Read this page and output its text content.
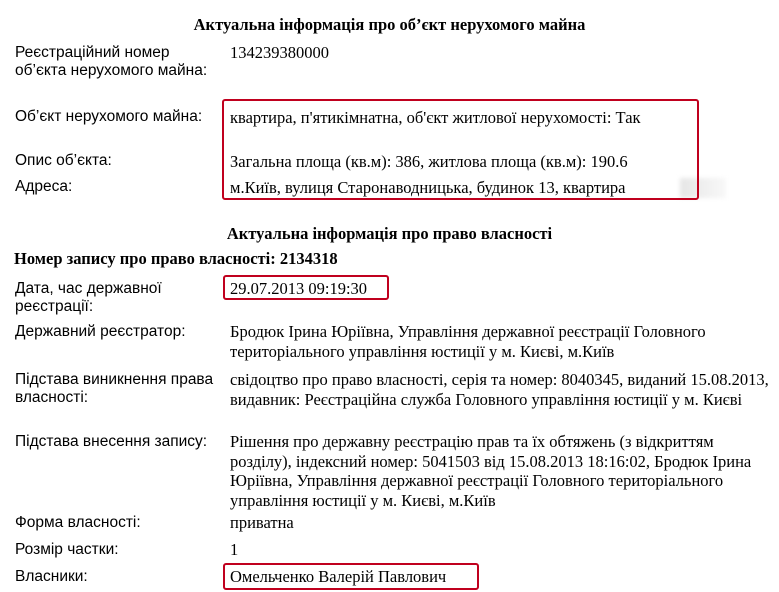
Актуальна інформація про об’єкт нерухомого майна
Реєстраційний номер об’єкта нерухомого майна:
134239380000
Об’єкт нерухомого майна:	квартира, п'ятикімнатна, об'єкт житлової нерухомості: Так
Опис об’єкта:	Загальна площа (кв.м): 386, житлова площа (кв.м): 190.6
Адреса:	м.Київ, вулиця Старонаводницька, будинок 13, квартира
Актуальна інформація про право власності
Номер запису про право власності: 2134318
Дата, час державної реєстрації:
29.07.2013 09:19:30
Державний реєстратор:	Бродюк Ірина Юріївна, Управління державної реєстрації Головного територіального управління юстиції у м. Києві, м.Київ
Підстава виникнення права власності:
свідоцтво про право власності, серія та номер: 8040345, виданий 15.08.2013, видавник: Реєстраційна служба Головного управління юстиції у м. Києві
Підстава внесення запису:	Рішення про державну реєстрацію прав та їх обтяжень (з відкриттям розділу), індексний номер: 5041503 від 15.08.2013 18:16:02, Бродюк Ірина Юріївна, Управління державної реєстрації Головного територіального управління юстиції у м. Києві, м.Київ
Форма власності:	приватна
Розмір частки:	1
Власники:	Омельченко Валерій Павлович
